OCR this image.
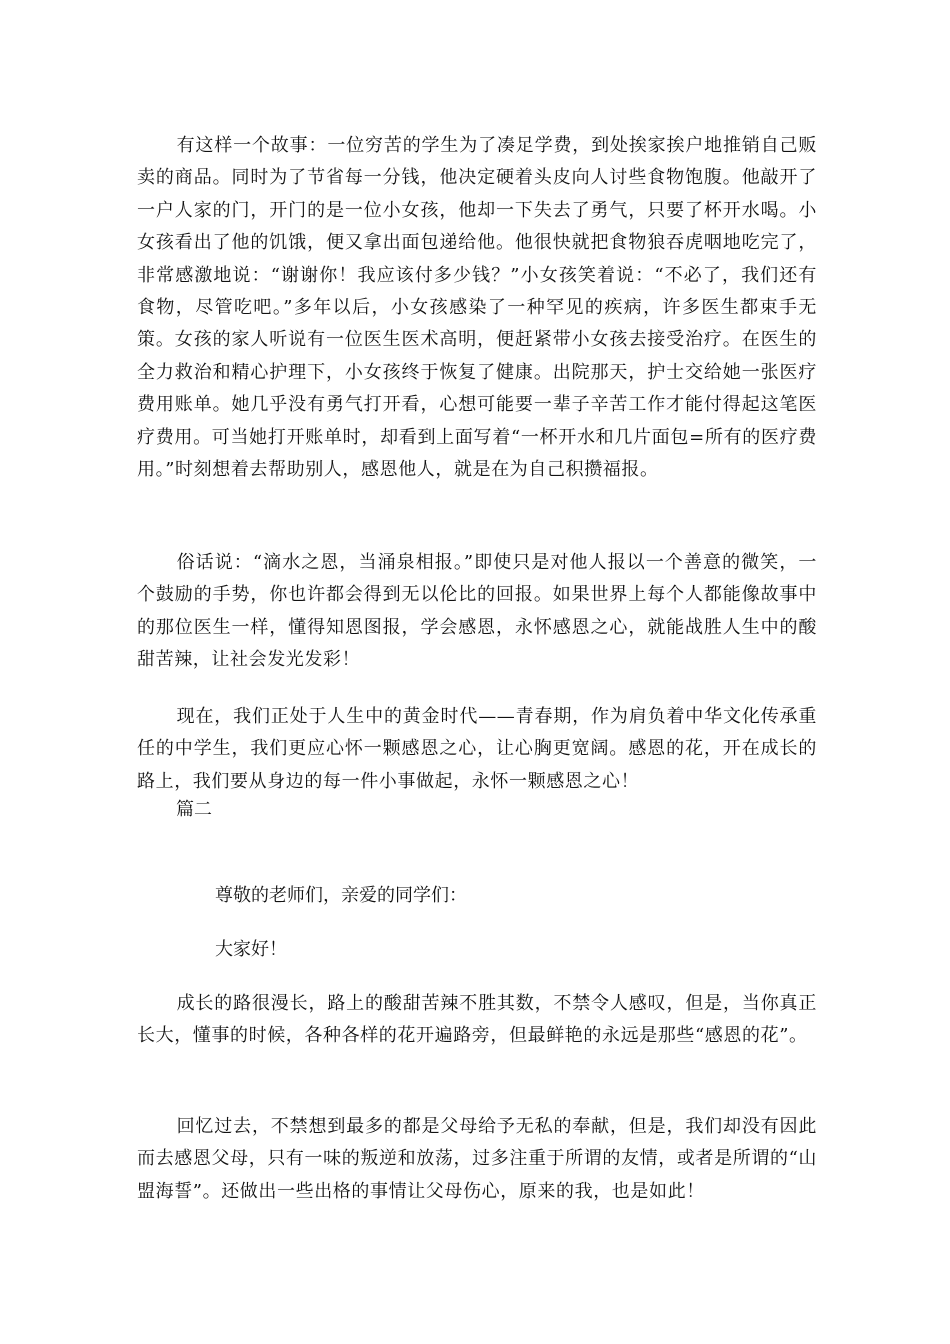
有这样一个故事：一位穷苦的学生为了凑足学费，到处挨家挨户地推销自己贩卖的商品。同时为了节省每一分钱，他决定硬着头皮向人讨些食物饱腹。他敲开了一户人家的门，开门的是一位小女孩，他却一下失去了勇气，只要了杯开水喝。小女孩看出了他的饥饿，便又拿出面包递给他。他很快就把食物狼吞虎咽地吃完了，非常感激地说：“谢谢你！我应该付多少钱？”小女孩笑着说：“不必了，我们还有食物，尽管吃吧。”多年以后，小女孩感染了一种罕见的疾病，许多医生都束手无策。女孩的家人听说有一位医生医术高明，便赶紧带小女孩去接受治疗。在医生的全力救治和精心护理下，小女孩终于恢复了健康。出院那天，护士交给她一张医疗费用账单。她几乎没有勇气打开看，心想可能要一辈子辛苦工作才能付得起这笔医疗费用。可当她打开账单时，却看到上面写着“一杯开水和几片面包=所有的医疗费用。”时刻想着去帮助别人，感恩他人，就是在为自己积攒福报。

俗话说：“滴水之恩，当涌泉相报。”即使只是对他人报以一个善意的微笑，一个鼓励的手势，你也许都会得到无以伦比的回报。如果世界上每个人都能像故事中的那位医生一样，懂得知恩图报，学会感恩，永怀感恩之心，就能战胜人生中的酸甜苦辣，让社会发光发彩！

现在，我们正处于人生中的黄金时代——青春期，作为肩负着中华文化传承重任的中学生，我们更应心怀一颗感恩之心，让心胸更宽阔。感恩的花，开在成长的路上，我们要从身边的每一件小事做起，永怀一颗感恩之心！

篇二

尊敬的老师们，亲爱的同学们：

大家好！

成长的路很漫长，路上的酸甜苦辣不胜其数，不禁令人感叹，但是，当你真正长大，懂事的时候，各种各样的花开遍路旁，但最鲜艳的永远是那些“感恩的花”。

回忆过去，不禁想到最多的都是父母给予无私的奉献，但是，我们却没有因此而去感恩父母，只有一味的叛逆和放荡，过多注重于所谓的友情，或者是所谓的“山盟海誓”。还做出一些出格的事情让父母伤心，原来的我，也是如此！
